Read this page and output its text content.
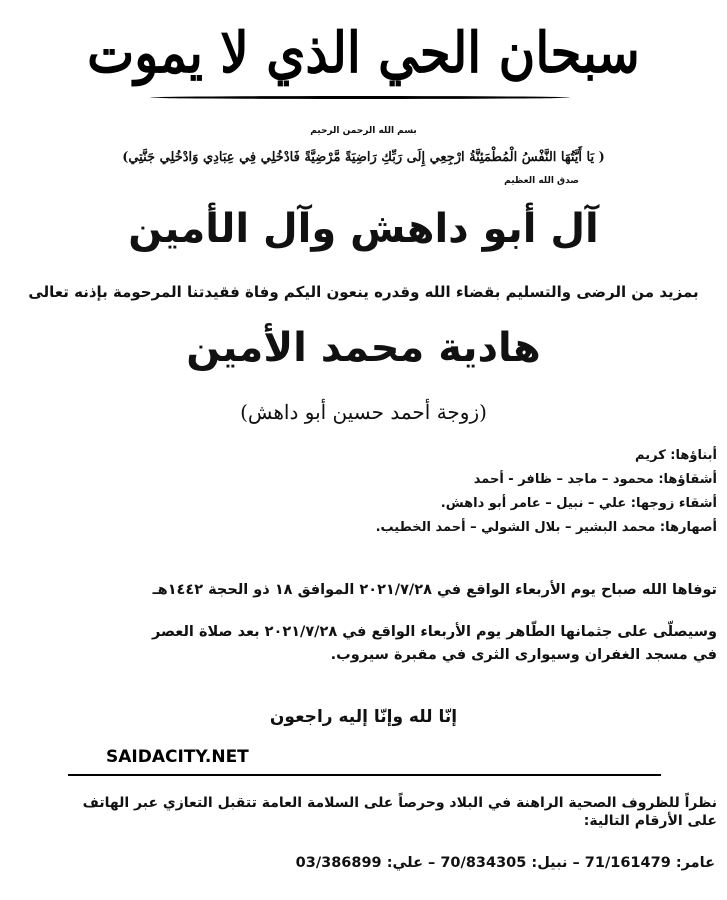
سبحان الحي الذي لا يموت
بسم الله الرحمن الرحيم
( يَا أَيَّتُهَا النَّفْسُ الْمُطْمَئِنَّةُ ارْجِعِي إِلَى رَبِّكِ رَاضِيَةً مَّرْضِيَّةً فَادْخُلِي فِي عِبَادِي وَادْخُلِي جَنَّتِي)
صدق الله العظيم
آل أبو داهش وآل الأمين
بمزيد من الرضى والتسليم بقضاء الله وقدره ينعون اليكم وفاة فقيدتنا المرحومة بإذنه تعالى
هادية محمد الأمين
(زوجة أحمد حسين أبو داهش)
أبناؤها: كريم
أشقاؤها: محمود – ماجد – ظافر - أحمد
أشقاء زوجها: علي – نبيل – عامر أبو داهش.
أصهارها: محمد البشير – بلال الشولي – أحمد الخطيب.
توفاها الله صباح يوم الأربعاء الواقع في ٢٠٢١/٧/٢٨ الموافق ١٨ ذو الحجة ١٤٤٢هـ
وسيصلّى على جثمانها الطّاهر يوم الأربعاء الواقع في ٢٠٢١/٧/٢٨ بعد صلاة العصر
في مسجد الغفران وسيوارى الثرى في مقبرة سيروب.
إنّا لله وإنّا إليه راجعون
SAIDACITY.NET
نظراً للظروف الصحية الراهنة في البلاد وحرصاً على السلامة العامة تتقبل التعازي عبر الهاتف
على الأرقام التالية:
عامر: 71/161479 – نبيل: 70/834305 – علي: 03/386899
